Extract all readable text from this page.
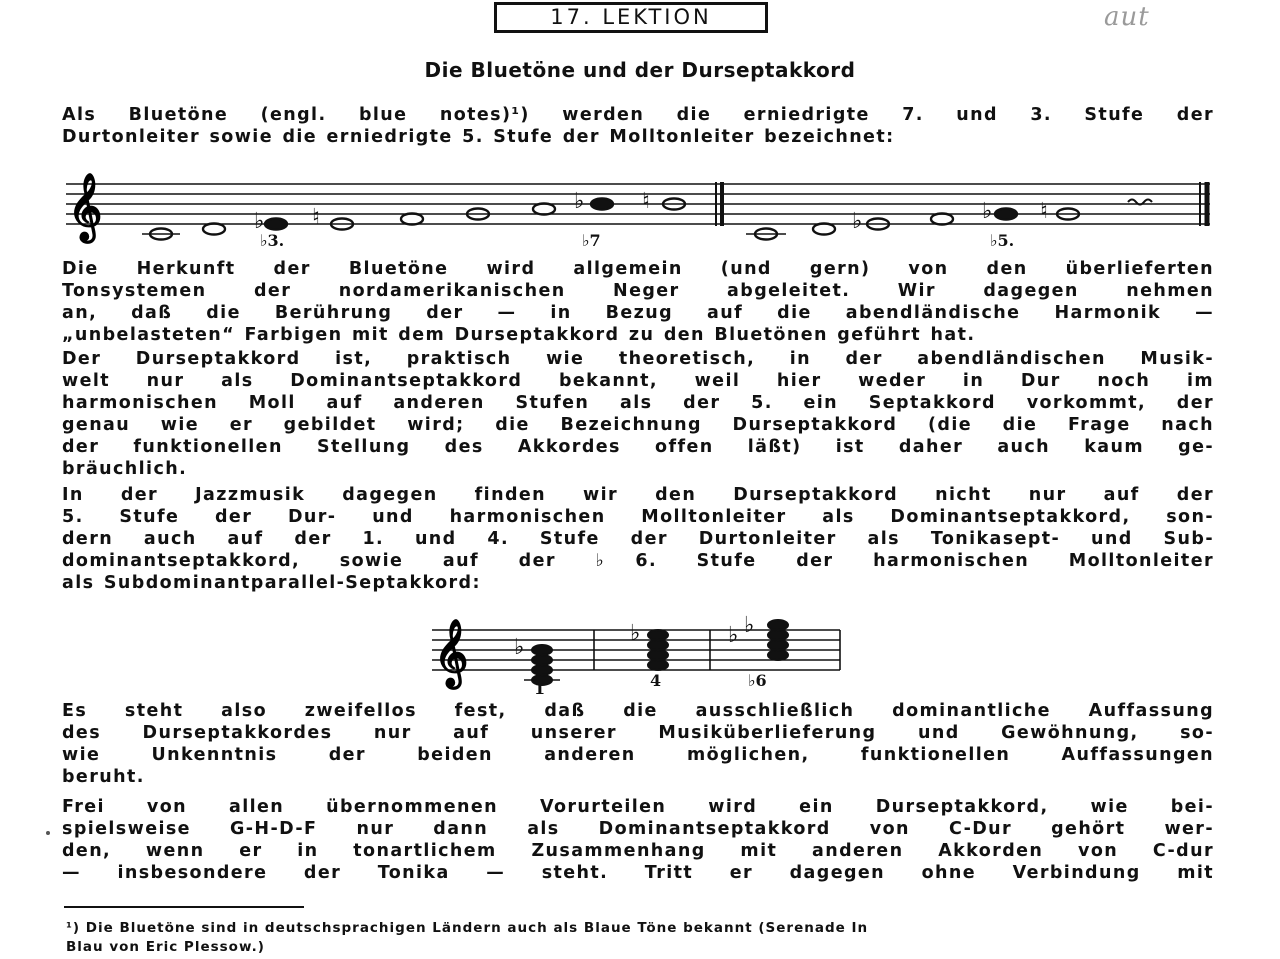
17. LEKTION	aut
Die Bluetöne und der Durseptakkord

Als Bluetöne (engl. blue notes)¹) werden die erniedrigte 7. und 3. Stufe der
Durtonleiter sowie die erniedrigte 5. Stufe der Molltonleiter bezeichnet:

𝄞	♭ ♮
♭	♮
♭	♭ ♮
♭3.	♭7	♭5.

Die Herkunft der Bluetöne wird allgemein (und gern) von den überlieferten
Tonsystemen der nordamerikanischen Neger abgeleitet. Wir dagegen nehmen
an, daß die Berührung der — in Bezug auf die abendländische Harmonik —
„unbelasteten“ Farbigen mit dem Durseptakkord zu den Bluetönen geführt hat.

Der Durseptakkord ist, praktisch wie theoretisch, in der abendländischen Musik-
welt nur als Dominantseptakkord bekannt, weil hier weder in Dur noch im
harmonischen Moll auf anderen Stufen als der 5. ein Septakkord vorkommt, der
genau wie er gebildet wird; die Bezeichnung Durseptakkord (die die Frage nach
der funktionellen Stellung des Akkordes offen läßt) ist daher auch kaum ge-
bräuchlich.

In der Jazzmusik dagegen finden wir den Durseptakkord nicht nur auf der
5. Stufe der Dur- und harmonischen Molltonleiter als Dominantseptakkord, son-
dern auch auf der 1. und 4. Stufe der Durtonleiter als Tonikasept- und Sub-
dominantseptakkord, sowie auf der ♭6. Stufe der harmonischen Molltonleiter
als Subdominantparallel-Septakkord:

𝄞 ♭
♭	♭ ♭
1	4	♭6

Es steht also zweifellos fest, daß die ausschließlich dominantliche Auffassung
des Durseptakkordes nur auf unserer Musiküberlieferung und Gewöhnung, so-
wie Unkenntnis der beiden anderen möglichen, funktionellen Auffassungen
beruht.

Frei von allen übernommenen Vorurteilen wird ein Durseptakkord, wie bei-
spielsweise G-H-D-F nur dann als Dominantseptakkord von C-Dur gehört wer-
den, wenn er in tonartlichem Zusammenhang mit anderen Akkorden von C-dur
— insbesondere der Tonika — steht. Tritt er dagegen ohne Verbindung mit

¹) Die Bluetöne sind in deutschsprachigen Ländern auch als Blaue Töne bekannt (Serenade In
Blau von Eric Plessow.)
